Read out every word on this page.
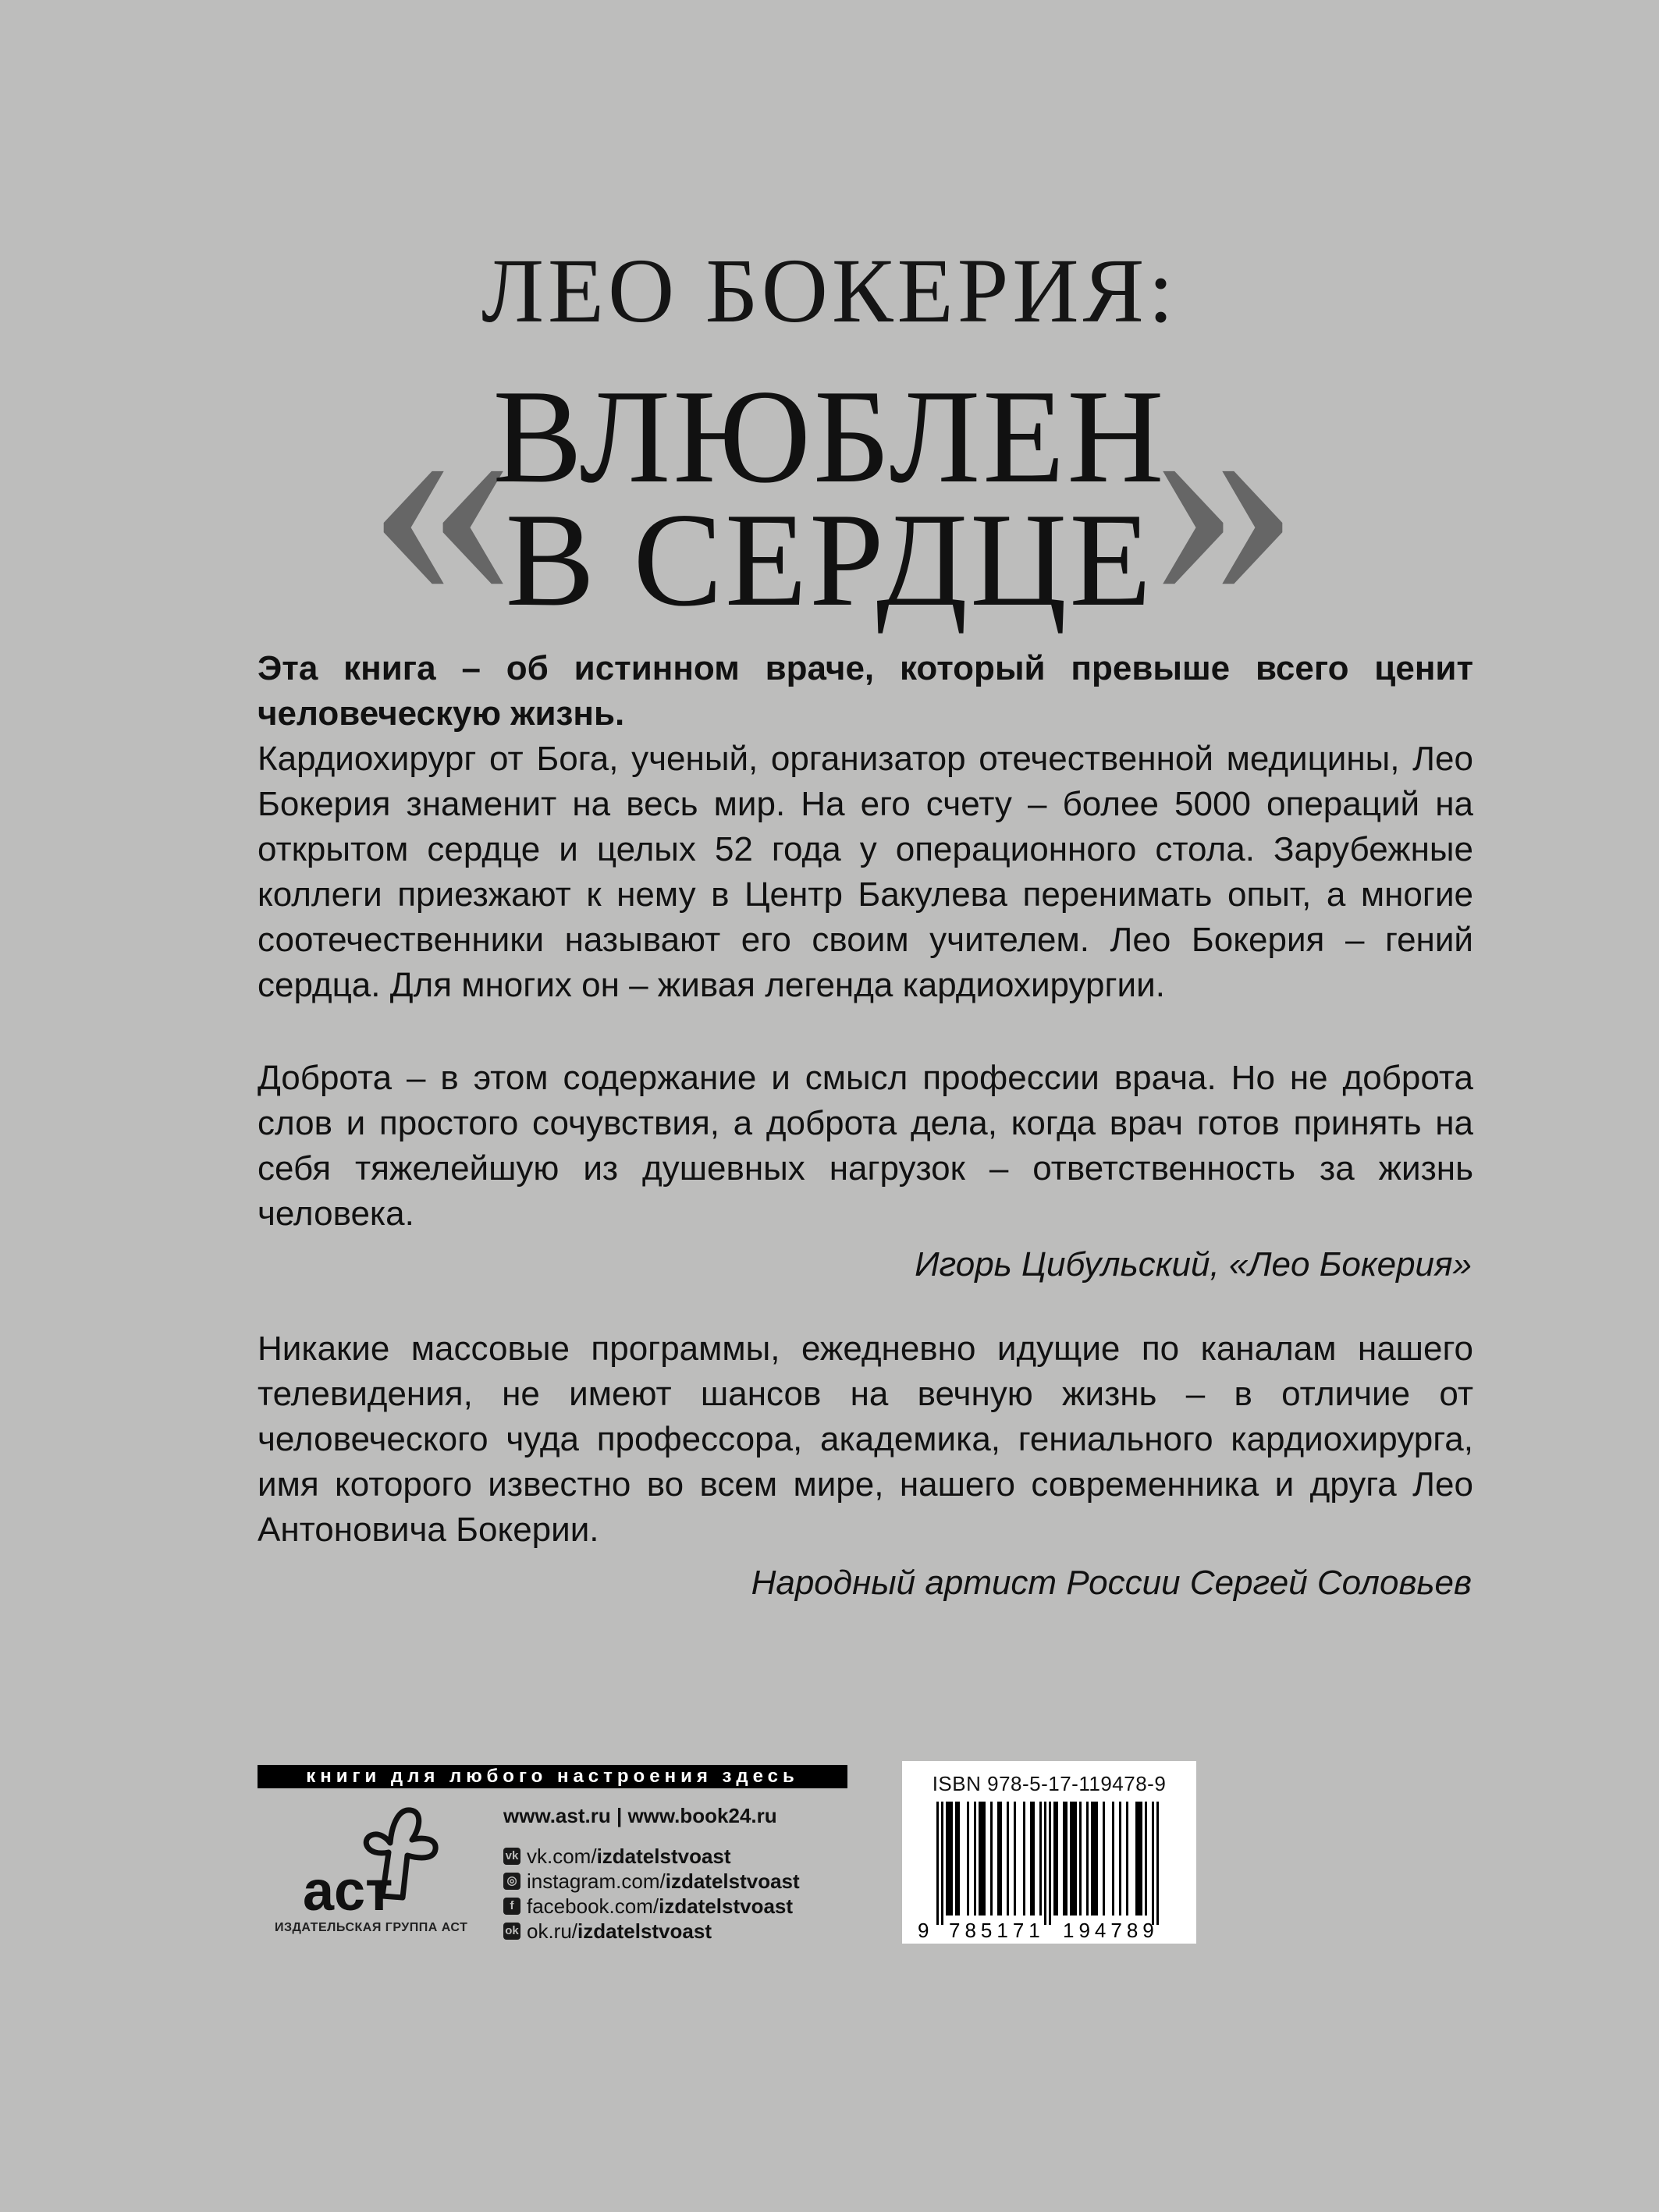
ЛЕО БОКЕРИЯ:
« »
ВЛЮБЛЕН
В СЕРДЦЕ
Эта книга – об истинном враче, который превыше всего ценит человеческую жизнь.
Кардиохирург от Бога, ученый, организатор отечественной медицины, Лео Бокерия знаменит на весь мир. На его счету – более 5000 операций на открытом сердце и целых 52 года у операционного стола. Зарубежные коллеги приезжают к нему в Центр Бакулева перенимать опыт, а многие соотечественники называют его своим учителем. Лео Бокерия – гений сердца. Для многих он – живая легенда кардиохирургии.
Доброта – в этом содержание и смысл профессии врача. Но не доброта слов и простого сочувствия, а доброта дела, когда врач готов принять на себя тяжелейшую из душевных нагрузок – ответственность за жизнь человека.
Игорь Цибульский, «Лео Бокерия»
Никакие массовые программы, ежедневно идущие по каналам нашего телевидения, не имеют шансов на вечную жизнь – в отличие от человеческого чуда профессора, академика, гениального кардиохирурга, имя которого известно во всем мире, нашего современника и друга Лео Антоновича Бокерии.
Народный артист России Сергей Соловьев
книги для любого настроения здесь
аст
ИЗДАТЕЛЬСКАЯ ГРУППА АСТ
www.ast.ru | www.book24.ru
vk vk.com/izdatelstvoast
◎ instagram.com/izdatelstvoast
f facebook.com/izdatelstvoast
ok ok.ru/izdatelstvoast
ISBN 978-5-17-119478-9
9 785171 194789
